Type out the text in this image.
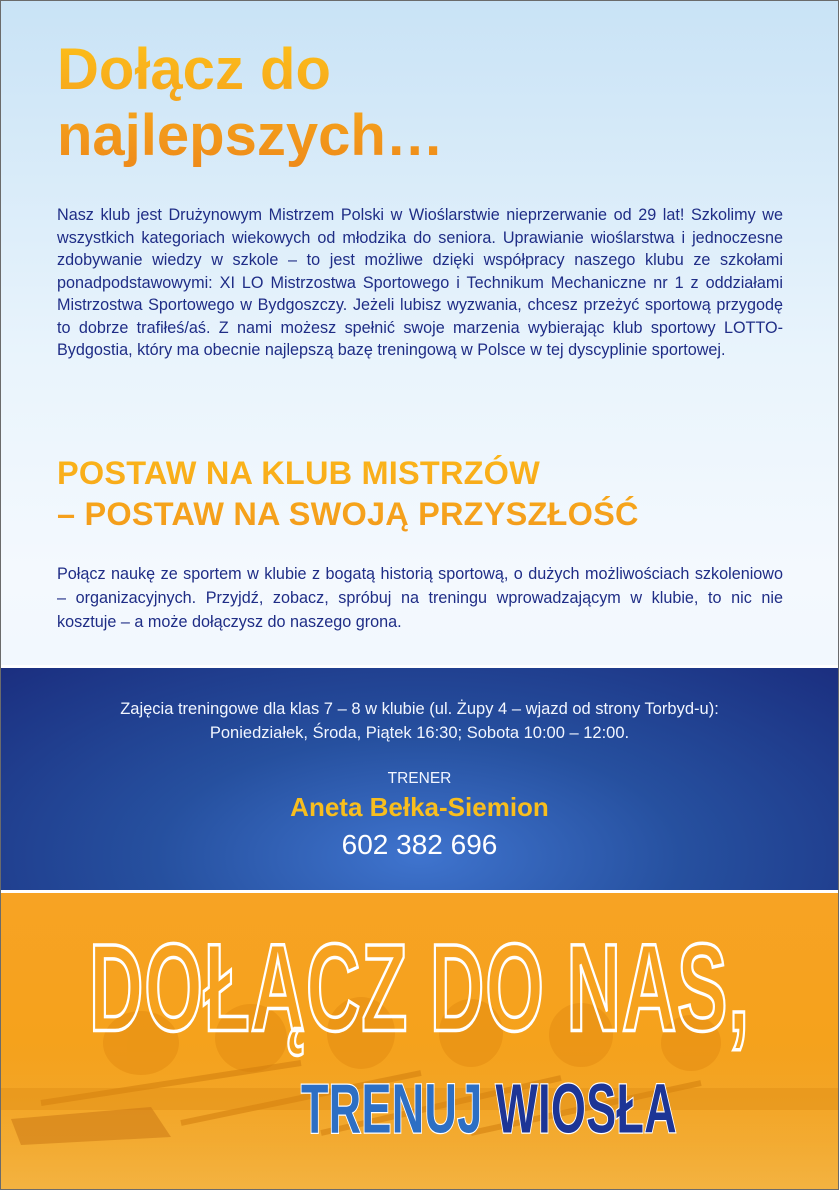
Dołącz do
najlepszych…

Nasz klub jest Drużynowym Mistrzem Polski w Wioślarstwie nieprzerwanie od 29 lat! Szkolimy we wszystkich kategoriach wiekowych od młodzika do seniora. Uprawianie wioślarstwa i jednoczesne zdobywanie wiedzy w szkole – to jest możliwe dzięki współpracy naszego klubu ze szkołami ponadpodstawowymi: XI LO Mistrzostwa Sportowego i Technikum Mechaniczne nr 1 z oddziałami Mistrzostwa Sportowego w Bydgoszczy. Jeżeli lubisz wyzwania, chcesz przeżyć sportową przygodę to dobrze trafiłeś/aś. Z nami możesz spełnić swoje marzenia wybierając klub sportowy LOTTO-Bydgostia, który ma obecnie najlepszą bazę treningową w Polsce w tej dyscyplinie sportowej.

POSTAW NA KLUB MISTRZÓW
– POSTAW NA SWOJĄ PRZYSZŁOŚĆ

Połącz naukę ze sportem w klubie z bogatą historią sportową, o dużych możliwościach szkoleniowo – organizacyjnych. Przyjdź, zobacz, spróbuj na treningu wprowadzającym w klubie, to nic nie kosztuje – a może dołączysz do naszego grona.

Zajęcia treningowe dla klas 7 – 8 w klubie (ul. Żupy 4 – wjazd od strony Torbyd-u):

Poniedziałek, Środa, Piątek 16:30; Sobota 10:00 – 12:00.

TRENER
Aneta Bełka-Siemion
602 382 696
DOŁĄCZ DO NAS,
TRENUJ WIOSŁA
